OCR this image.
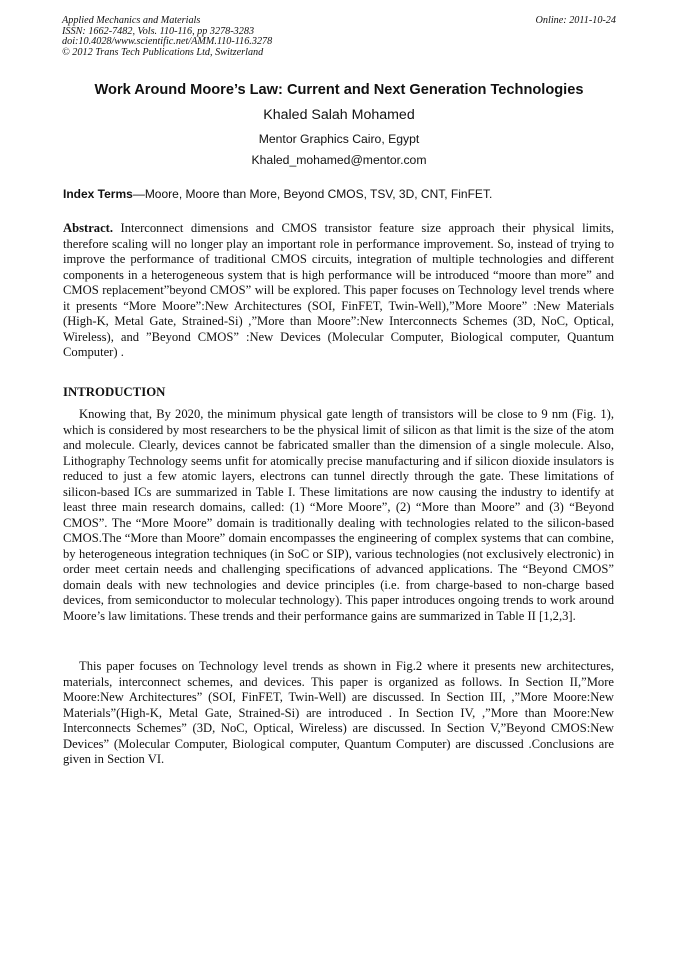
Applied Mechanics and Materials
ISSN: 1662-7482, Vols. 110-116, pp 3278-3283
doi:10.4028/www.scientific.net/AMM.110-116.3278
© 2012 Trans Tech Publications Ltd, Switzerland
Online: 2011-10-24
Work Around Moore’s Law: Current and Next Generation Technologies
Khaled Salah Mohamed
Mentor Graphics Cairo, Egypt
Khaled_mohamed@mentor.com
Index Terms—Moore, Moore than More, Beyond CMOS, TSV, 3D, CNT, FinFET.

Abstract. Interconnect dimensions and CMOS transistor feature size approach their physical limits, therefore scaling will no longer play an important role in performance improvement. So, instead of trying to improve the performance of traditional CMOS circuits, integration of multiple technologies and different components in a heterogeneous system that is high performance will be introduced “moore than more” and CMOS replacement”beyond CMOS” will be explored. This paper focuses on Technology level trends where it presents “More Moore”:New Architectures (SOI, FinFET, Twin-Well),”More Moore” :New Materials (High-K, Metal Gate, Strained-Si) ,”More than Moore”:New Interconnects Schemes (3D, NoC, Optical, Wireless), and ”Beyond CMOS” :New Devices (Molecular Computer, Biological computer, Quantum Computer) .

INTRODUCTION

Knowing that, By 2020, the minimum physical gate length of transistors will be close to 9 nm (Fig. 1), which is considered by most researchers to be the physical limit of silicon as that limit is the size of the atom and molecule. Clearly, devices cannot be fabricated smaller than the dimension of a single molecule. Also, Lithography Technology seems unfit for atomically precise manufacturing and if silicon dioxide insulators is reduced to just a few atomic layers, electrons can tunnel directly through the gate. These limitations of silicon-based ICs are summarized in Table I. These limitations are now causing the industry to identify at least three main research domains, called: (1) “More Moore”, (2) “More than Moore” and (3) “Beyond CMOS”. The “More Moore” domain is traditionally dealing with technologies related to the silicon-based CMOS.The “More than Moore” domain encompasses the engineering of complex systems that can combine, by heterogeneous integration techniques (in SoC or SIP), various technologies (not exclusively electronic) in order meet certain needs and challenging specifications of advanced applications. The “Beyond CMOS” domain deals with new technologies and device principles (i.e. from charge-based to non-charge based devices, from semiconductor to molecular technology). This paper introduces ongoing trends to work around Moore’s law limitations. These trends and their performance gains are summarized in Table II [1,2,3].

This paper focuses on Technology level trends as shown in Fig.2 where it presents new architectures, materials, interconnect schemes, and devices. This paper is organized as follows. In Section II,”More Moore:New Architectures” (SOI, FinFET, Twin-Well) are discussed. In Section III, ,”More Moore:New Materials”(High-K, Metal Gate, Strained-Si) are introduced . In Section IV, ,”More than Moore:New Interconnects Schemes” (3D, NoC, Optical, Wireless) are discussed. In Section V,”Beyond CMOS:New Devices” (Molecular Computer, Biological computer, Quantum Computer) are discussed .Conclusions are given in Section VI.
